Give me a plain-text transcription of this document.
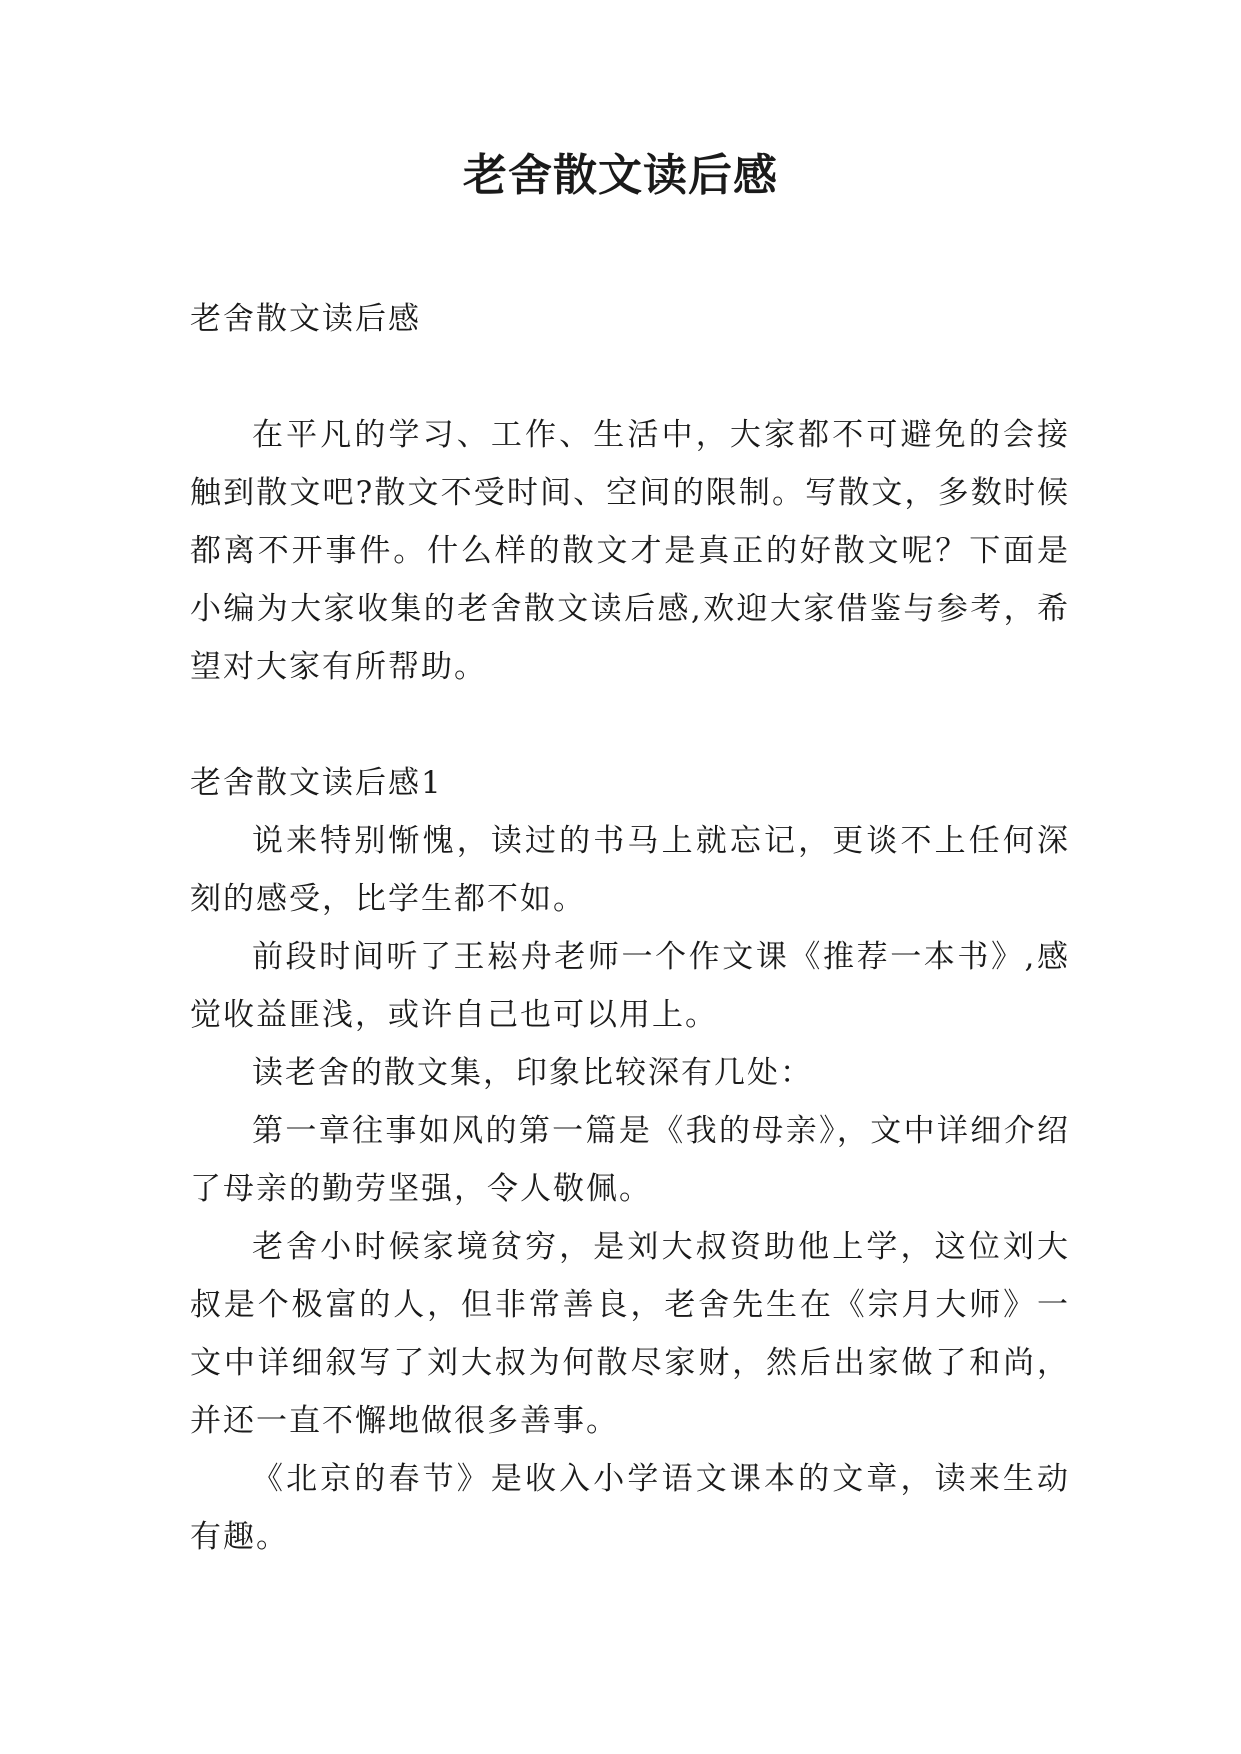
老舍散文读后感

老舍散文读后感

在平凡的学习、工作、生活中，大家都不可避免的会接触到散文吧?散文不受时间、空间的限制。写散文，多数时候都离不开事件。什么样的散文才是真正的好散文呢？下面是小编为大家收集的老舍散文读后感,欢迎大家借鉴与参考，希望对大家有所帮助。

老舍散文读后感1

说来特别惭愧，读过的书马上就忘记，更谈不上任何深刻的感受，比学生都不如。

前段时间听了王崧舟老师一个作文课《推荐一本书》,感觉收益匪浅，或许自己也可以用上。

读老舍的散文集，印象比较深有几处：

第一章往事如风的第一篇是《我的母亲》，文中详细介绍了母亲的勤劳坚强，令人敬佩。

老舍小时候家境贫穷，是刘大叔资助他上学，这位刘大叔是个极富的人，但非常善良，老舍先生在《宗月大师》一文中详细叙写了刘大叔为何散尽家财，然后出家做了和尚，并还一直不懈地做很多善事。

《北京的春节》是收入小学语文课本的文章，读来生动有趣。
